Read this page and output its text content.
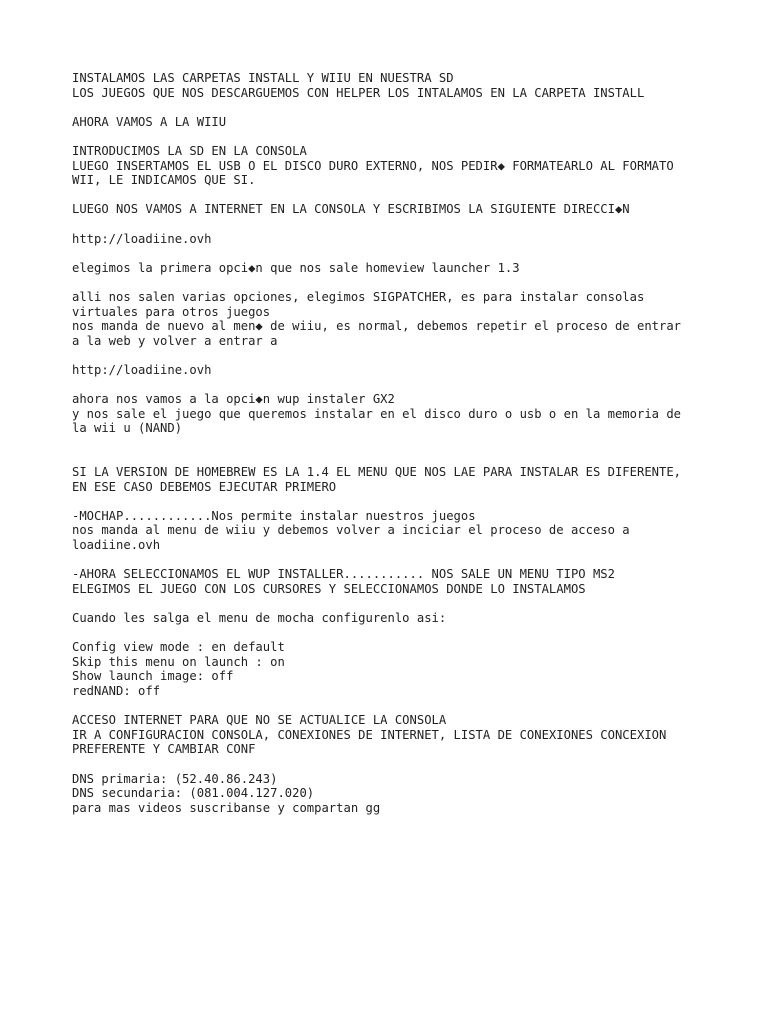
INSTALAMOS LAS CARPETAS INSTALL Y WIIU EN NUESTRA SD
LOS JUEGOS QUE NOS DESCARGUEMOS CON HELPER LOS INTALAMOS EN LA CARPETA INSTALL
AHORA VAMOS A LA WIIU
INTRODUCIMOS LA SD EN LA CONSOLA
LUEGO INSERTAMOS EL USB O EL DISCO DURO EXTERNO, NOS PEDIR◆ FORMATEARLO AL FORMATO
WII, LE INDICAMOS QUE SI.
LUEGO NOS VAMOS A INTERNET EN LA CONSOLA Y ESCRIBIMOS LA SIGUIENTE DIRECCI◆N
http://loadiine.ovh
elegimos la primera opci◆n que nos sale homeview launcher 1.3
alli nos salen varias opciones, elegimos SIGPATCHER, es para instalar consolas
virtuales para otros juegos
nos manda de nuevo al men◆ de wiiu, es normal, debemos repetir el proceso de entrar
a la web y volver a entrar a
http://loadiine.ovh
ahora nos vamos a la opci◆n wup instaler GX2
y nos sale el juego que queremos instalar en el disco duro o usb o en la memoria de
la wii u (NAND)
SI LA VERSION DE HOMEBREW ES LA 1.4 EL MENU QUE NOS LAE PARA INSTALAR ES DIFERENTE,
EN ESE CASO DEBEMOS EJECUTAR PRIMERO
-MOCHAP............Nos permite instalar nuestros juegos
nos manda al menu de wiiu y debemos volver a inciciar el proceso de acceso a
loadiine.ovh
-AHORA SELECCIONAMOS EL WUP INSTALLER........... NOS SALE UN MENU TIPO MS2
ELEGIMOS EL JUEGO CON LOS CURSORES Y SELECCIONAMOS DONDE LO INSTALAMOS
Cuando les salga el menu de mocha configurenlo asi:
Config view mode : en default
Skip this menu on launch : on
Show launch image: off
redNAND: off
ACCESO INTERNET PARA QUE NO SE ACTUALICE LA CONSOLA
IR A CONFIGURACION CONSOLA, CONEXIONES DE INTERNET, LISTA DE CONEXIONES CONCEXION
PREFERENTE Y CAMBIAR CONF
DNS primaria: (52.40.86.243)
DNS secundaria: (081.004.127.020)
para mas videos suscribanse y compartan gg
